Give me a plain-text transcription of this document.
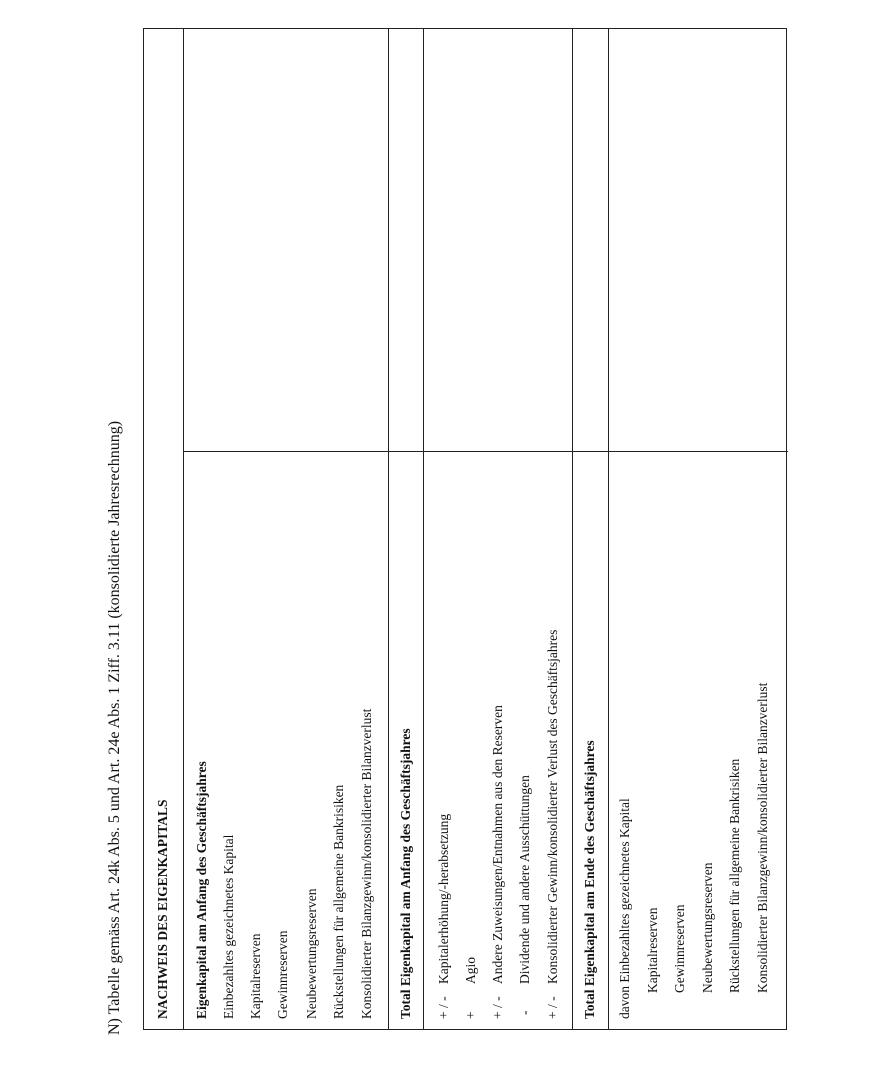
N) Tabelle gemäss Art. 24k Abs. 5 und Art. 24e Abs. 1 Ziff. 3.11 (konsolidierte Jahresrechnung) NACHWEIS DES EIGENKAPITALS Eigenkapital am Anfang des Geschäftsjahres Einbezahltes gezeichnetes Kapital Kapitalreserven Gewinnreserven Neubewertungsreserven Rückstellungen für allgemeine Bankrisiken Konsolidierter Bilanzgewinn/konsolidierter Bilanzverlust Total Eigenkapital am Anfang des Geschäftsjahres + / -
Kapitalerhöhung/-herabsetzung
+
Agio
+ / -
Andere Zuweisungen/Entnahmen aus den Reserven
-
Dividende und andere Ausschüttungen
+ / -
Konsolidierter Gewinn/konsolidierter Verlust des Geschäftsjahres Total Eigenkapital am Ende des Geschäftsjahres davon Einbezahltes gezeichnetes Kapital Kapitalreserven Gewinnreserven Neubewertungsreserven Rückstellungen für allgemeine Bankrisiken Konsolidierter Bilanzgewinn/konsolidierter Bilanzverlust
